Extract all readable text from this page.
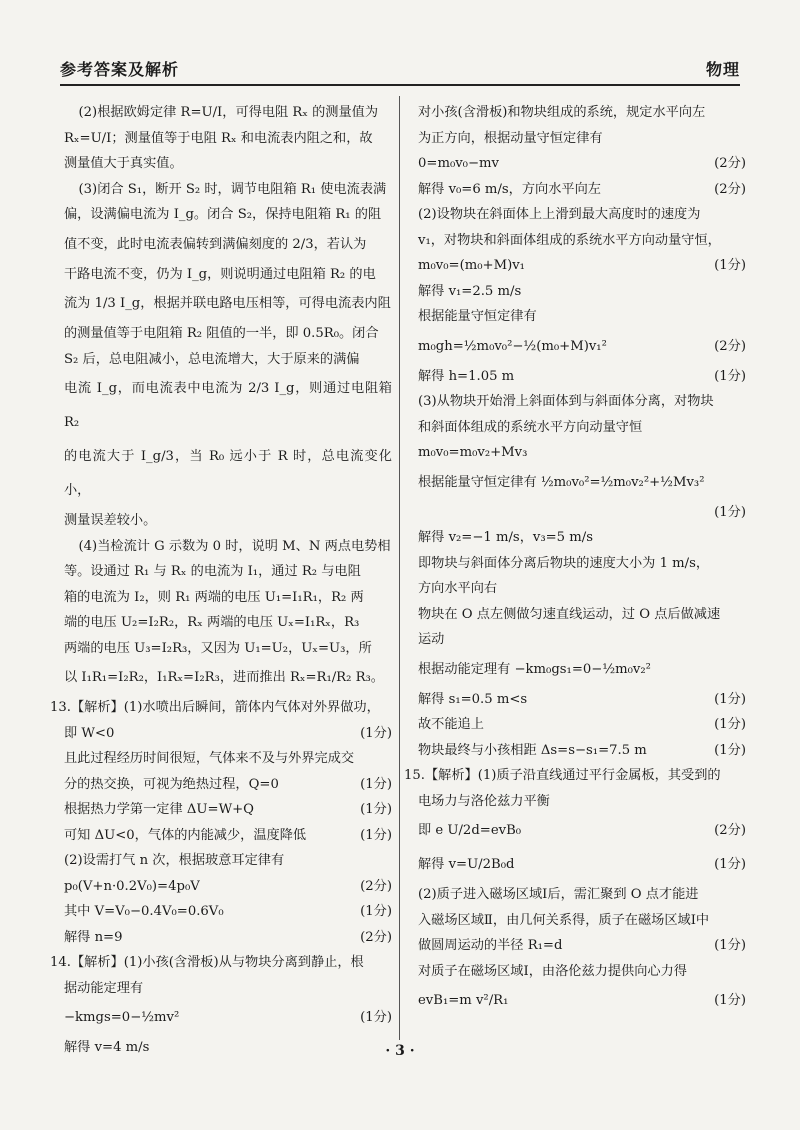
参考答案及解析	物理

(2)根据欧姆定律 R=U/I，可得电阻 Rₓ 的测量值为

Rₓ=U/I；测量值等于电阻 Rₓ 和电流表内阻之和，故

测量值大于真实值。

(3)闭合 S₁，断开 S₂ 时，调节电阻箱 R₁ 使电流表满

偏，设满偏电流为 I_g。闭合 S₂，保持电阻箱 R₁ 的阻

值不变，此时电流表偏转到满偏刻度的 2/3，若认为

干路电流不变，仍为 I_g，则说明通过电阻箱 R₂ 的电

流为 1/3 I_g，根据并联电路电压相等，可得电流表内阻

的测量值等于电阻箱 R₂ 阻值的一半，即 0.5R₀。闭合

S₂ 后，总电阻减小，总电流增大，大于原来的满偏

电流 I_g，而电流表中电流为 2/3 I_g，则通过电阻箱 R₂

的电流大于 I_g/3，当 R₀ 远小于 R 时，总电流变化小，

测量误差较小。

(4)当检流计 G 示数为 0 时，说明 M、N 两点电势相

等。设通过 R₁ 与 Rₓ 的电流为 I₁，通过 R₂ 与电阻

箱的电流为 I₂，则 R₁ 两端的电压 U₁=I₁R₁，R₂ 两

端的电压 U₂=I₂R₂，Rₓ 两端的电压 Uₓ=I₁Rₓ，R₃

两端的电压 U₃=I₂R₃，又因为 U₁=U₂，Uₓ=U₃，所

以 I₁R₁=I₂R₂，I₁Rₓ=I₂R₃，进而推出 Rₓ=R₁/R₂ R₃。

13.【解析】(1)水喷出后瞬间，箭体内气体对外界做功，

即 W<0	(1分)
且此过程经历时间很短，气体来不及与外界完成交
分的热交换，可视为绝热过程，Q=0	(1分)
根据热力学第一定律 ΔU=W+Q	(1分)
可知 ΔU<0，气体的内能减少，温度降低	(1分)
(2)设需打气 n 次，根据玻意耳定律有
p₀(V+n·0.2V₀)=4p₀V	(2分)
其中 V=V₀−0.4V₀=0.6V₀	(1分)
解得 n=9	(2分)

14.【解析】(1)小孩(含滑板)从与物块分离到静止，根

据动能定理有
−kmgs=0−½mv²	(1分)
解得 v=4 m/s
对小孩(含滑板)和物块组成的系统，规定水平向左
为正方向，根据动量守恒定律有
0=m₀v₀−mv	(2分)
解得 v₀=6 m/s，方向水平向左	(2分)
(2)设物块在斜面体上上滑到最大高度时的速度为
v₁，对物块和斜面体组成的系统水平方向动量守恒，
m₀v₀=(m₀+M)v₁	(1分)
解得 v₁=2.5 m/s
根据能量守恒定律有
m₀gh=½m₀v₀²−½(m₀+M)v₁²	(2分)
解得 h=1.05 m	(1分)
(3)从物块开始滑上斜面体到与斜面体分离，对物块
和斜面体组成的系统水平方向动量守恒
m₀v₀=m₀v₂+Mv₃
根据能量守恒定律有 ½m₀v₀²=½m₀v₂²+½Mv₃²
(1分)
解得 v₂=−1 m/s，v₃=5 m/s
即物块与斜面体分离后物块的速度大小为 1 m/s，
方向水平向右
物块在 O 点左侧做匀速直线运动，过 O 点后做减速
运动
根据动能定理有 −km₀gs₁=0−½m₀v₂²
解得 s₁=0.5 m<s	(1分)
故不能追上	(1分)
物块最终与小孩相距 Δs=s−s₁=7.5 m	(1分)

15.【解析】(1)质子沿直线通过平行金属板，其受到的

电场力与洛伦兹力平衡
即 e U/2d=evB₀	(2分)
解得 v=U/2B₀d	(1分)
(2)质子进入磁场区域Ⅰ后，需汇聚到 O 点才能进
入磁场区域Ⅱ，由几何关系得，质子在磁场区域Ⅰ中
做圆周运动的半径 R₁=d	(1分)
对质子在磁场区域Ⅰ，由洛伦兹力提供向心力得
evB₁=m v²/R₁	(1分)
· 3 ·
